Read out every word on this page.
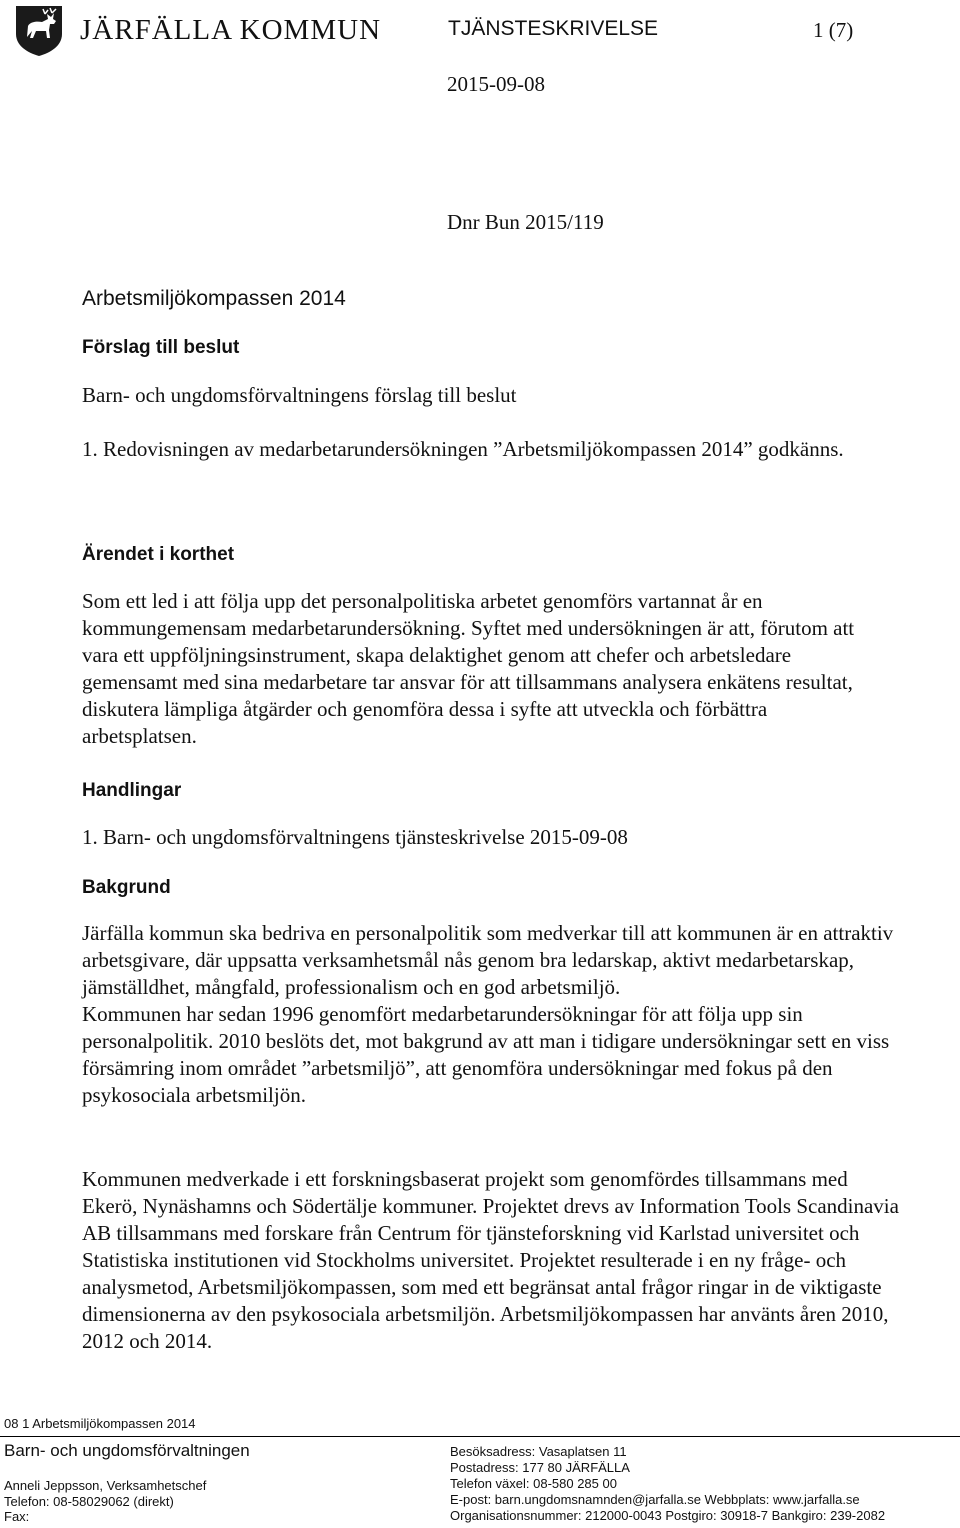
JÄRFÄLLA KOMMUN	TJÄNSTESKRIVELSE	1 (7)
2015-09-08
Dnr Bun 2015/119
Arbetsmiljökompassen 2014
Förslag till beslut

Barn- och ungdomsförvaltningens förslag till beslut

1. Redovisningen av medarbetarundersökningen ”Arbetsmiljökompassen 2014” godkänns.

Ärendet i korthet

Som ett led i att följa upp det personalpolitiska arbetet genomförs vartannat år en kommungemensam medarbetarundersökning. Syftet med undersökningen är att, förutom att vara ett uppföljningsinstrument, skapa delaktighet genom att chefer och arbetsledare gemensamt med sina medarbetare tar ansvar för att tillsammans analysera enkätens resultat, diskutera lämpliga åtgärder och genomföra dessa i syfte att utveckla och förbättra arbetsplatsen.

Handlingar

1. Barn- och ungdomsförvaltningens tjänsteskrivelse 2015-09-08

Bakgrund

Järfälla kommun ska bedriva en personalpolitik som medverkar till att kommunen är en attraktiv arbetsgivare, där uppsatta verksamhetsmål nås genom bra ledarskap, aktivt medarbetarskap, jämställdhet, mångfald, professionalism och en god arbetsmiljö.

Kommunen har sedan 1996 genomfört medarbetarundersökningar för att följa upp sin personalpolitik. 2010 beslöts det, mot bakgrund av att man i tidigare undersökningar sett en viss försämring inom området ”arbetsmiljö”, att genomföra undersökningar med fokus på den psykosociala arbetsmiljön.

Kommunen medverkade i ett forskningsbaserat projekt som genomfördes tillsammans med Ekerö, Nynäshamns och Södertälje kommuner. Projektet drevs av Information Tools Scandinavia AB tillsammans med forskare från Centrum för tjänsteforskning vid Karlstad universitet och Statistiska institutionen vid Stockholms universitet. Projektet resulterade i en ny fråge- och analysmetod, Arbetsmiljökompassen, som med ett begränsat antal frågor ringar in de viktigaste dimensionerna av den psykosociala arbetsmiljön. Arbetsmiljökompassen har använts åren 2010, 2012 och 2014.

08 1 Arbetsmiljökompassen 2014
Barn- och ungdomsförvaltningen
Anneli Jeppsson, Verksamhetschef
Telefon: 08-58029062 (direkt)
Fax:
Besöksadress: Vasaplatsen 11
Postadress: 177 80 JÄRFÄLLA
Telefon växel: 08-580 285 00
E-post: barn.ungdomsnamnden@jarfalla.se Webbplats: www.jarfalla.se
Organisationsnummer: 212000-0043 Postgiro: 30918-7 Bankgiro: 239-2082
